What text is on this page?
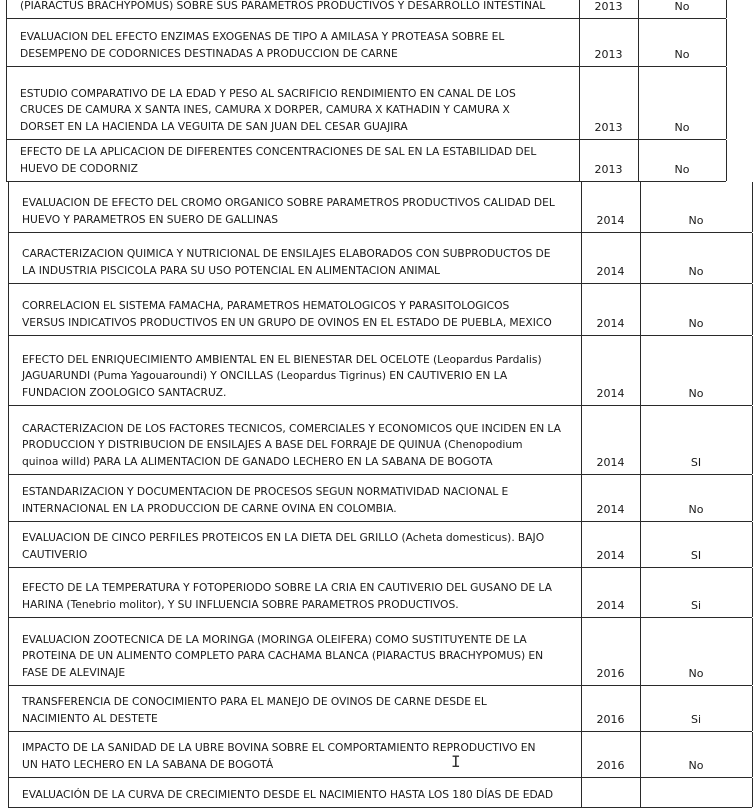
(PIARACTUS BRACHYPOMUS) SOBRE SUS PARAMETROS PRODUCTIVOS Y DESARROLLO INTESTINAL	2013	No
EVALUACION DEL EFECTO ENZIMAS EXOGENAS DE TIPO A AMILASA Y PROTEASA SOBRE EL
DESEMPENO DE CODORNICES DESTINADAS A PRODUCCION DE CARNE	2013	No
ESTUDIO COMPARATIVO DE LA EDAD Y PESO AL SACRIFICIO RENDIMIENTO EN CANAL DE LOS
CRUCES DE CAMURA X SANTA INES, CAMURA X DORPER, CAMURA X KATHADIN Y CAMURA X
DORSET EN LA HACIENDA LA VEGUITA DE SAN JUAN DEL CESAR GUAJIRA	2013	No
EFECTO DE LA APLICACION DE DIFERENTES CONCENTRACIONES DE SAL EN LA ESTABILIDAD DEL
HUEVO DE CODORNIZ	2013	No
EVALUACION DE EFECTO DEL CROMO ORGANICO SOBRE PARAMETROS PRODUCTIVOS CALIDAD DEL
HUEVO Y PARAMETROS EN SUERO DE GALLINAS	2014	No
CARACTERIZACION QUIMICA Y NUTRICIONAL DE ENSILAJES ELABORADOS CON SUBPRODUCTOS DE
LA INDUSTRIA PISCICOLA PARA SU USO POTENCIAL EN ALIMENTACION ANIMAL	2014	No
CORRELACION EL SISTEMA FAMACHA, PARAMETROS HEMATOLOGICOS Y PARASITOLOGICOS
VERSUS INDICATIVOS PRODUCTIVOS EN UN GRUPO DE OVINOS EN EL ESTADO DE PUEBLA, MEXICO	2014	No
EFECTO DEL ENRIQUECIMIENTO AMBIENTAL EN EL BIENESTAR DEL OCELOTE (Leopardus Pardalis)
JAGUARUNDI (Puma Yagouaroundi) Y ONCILLAS (Leopardus Tigrinus) EN CAUTIVERIO EN LA
FUNDACION ZOOLOGICO SANTACRUZ.	2014	No
CARACTERIZACION DE LOS FACTORES TECNICOS, COMERCIALES Y ECONOMICOS QUE INCIDEN EN LA
PRODUCCION Y DISTRIBUCION DE ENSILAJES A BASE DEL FORRAJE DE QUINUA (Chenopodium
quinoa willd) PARA LA ALIMENTACION DE GANADO LECHERO EN LA SABANA DE BOGOTA	2014	SI
ESTANDARIZACION Y DOCUMENTACION DE PROCESOS SEGUN NORMATIVIDAD NACIONAL E
INTERNACIONAL EN LA PRODUCCION DE CARNE OVINA EN COLOMBIA.	2014	No
EVALUACION DE CINCO PERFILES PROTEICOS EN LA DIETA DEL GRILLO (Acheta domesticus). BAJO
CAUTIVERIO	2014	SI
EFECTO DE LA TEMPERATURA Y FOTOPERIODO SOBRE LA CRIA EN CAUTIVERIO DEL GUSANO DE LA
HARINA (Tenebrio molitor), Y SU INFLUENCIA SOBRE PARAMETROS PRODUCTIVOS.	2014	Si
EVALUACION ZOOTECNICA DE LA MORINGA (MORINGA OLEIFERA) COMO SUSTITUYENTE DE LA
PROTEINA DE UN ALIMENTO COMPLETO PARA CACHAMA BLANCA (PIARACTUS BRACHYPOMUS) EN
FASE DE ALEVINAJE	2016	No
TRANSFERENCIA DE CONOCIMIENTO PARA EL MANEJO DE OVINOS DE CARNE DESDE EL
NACIMIENTO AL DESTETE	2016	Si
IMPACTO DE LA SANIDAD DE LA UBRE BOVINA SOBRE EL COMPORTAMIENTO REPRODUCTIVO EN
UN HATO LECHERO EN LA SABANA DE BOGOTÁ	2016	No
EVALUACIÓN DE LA CURVA DE CRECIMIENTO DESDE EL NACIMIENTO HASTA LOS 180 DÍAS DE EDAD
I
